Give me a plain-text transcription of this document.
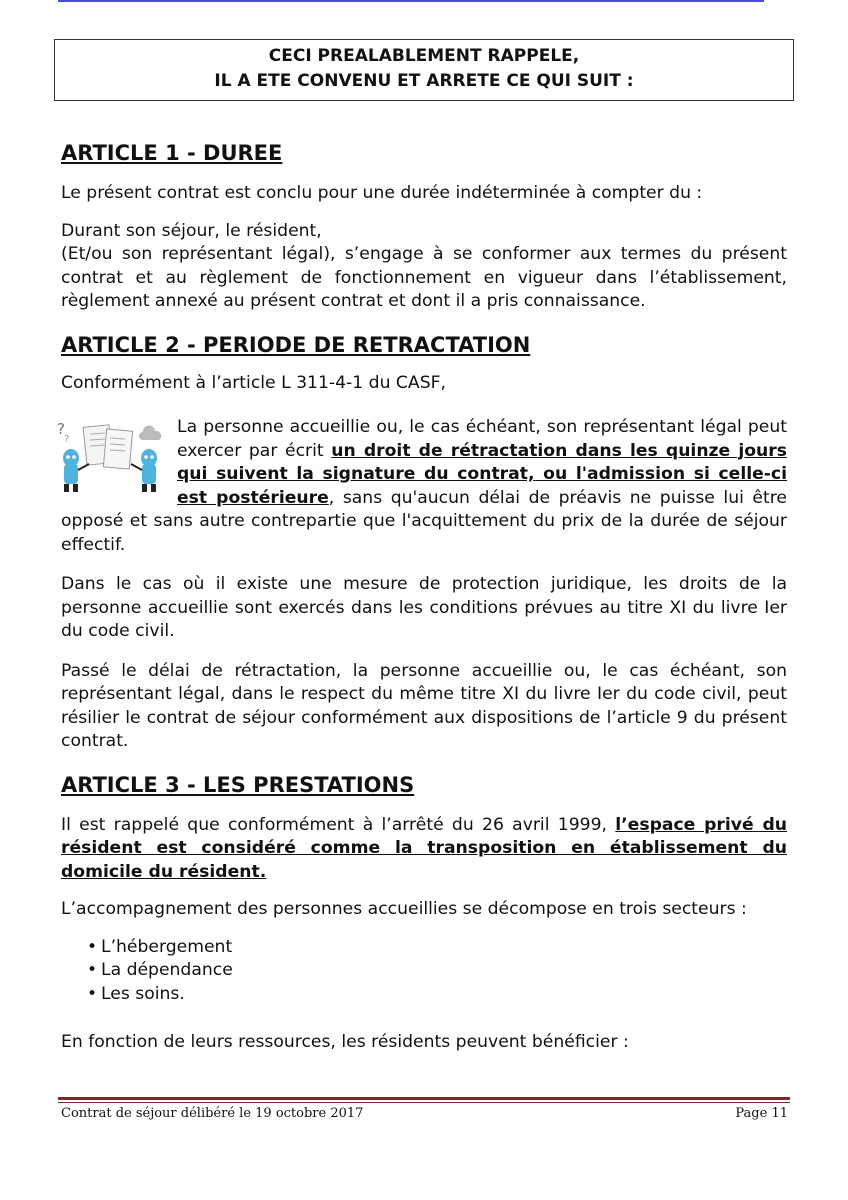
CECI PREALABLEMENT RAPPELE,
IL A ETE CONVENU ET ARRETE CE QUI SUIT :
ARTICLE 1 - DUREE

Le présent contrat est conclu pour une durée indéterminée à compter du :

Durant son séjour, le résident,

(Et/ou son représentant légal), s’engage à se conformer aux termes du présent contrat et au règlement de fonctionnement en vigueur dans l’établissement, règlement annexé au présent contrat et dont il a pris connaissance.

ARTICLE 2 - PERIODE DE RETRACTATION

Conformément à l’article L 311-4-1 du CASF,

?
?

La personne accueillie ou, le cas échéant, son représentant légal peut exercer par écrit un droit de rétractation dans les quinze jours qui suivent la signature du contrat, ou l'admission si celle-ci est postérieure, sans qu'aucun délai de préavis ne puisse lui être opposé et sans autre contrepartie que l'acquittement du prix de la durée de séjour effectif.

Dans le cas où il existe une mesure de protection juridique, les droits de la personne accueillie sont exercés dans les conditions prévues au titre XI du livre Ier du code civil.

Passé le délai de rétractation, la personne accueillie ou, le cas échéant, son représentant légal, dans le respect du même titre XI du livre Ier du code civil, peut résilier le contrat de séjour conformément aux dispositions de l’article 9 du présent contrat.

ARTICLE 3 - LES PRESTATIONS

Il est rappelé que conformément à l’arrêté du 26 avril 1999, l’espace privé du résident est considéré comme la transposition en établissement du domicile du résident.

L’accompagnement des personnes accueillies se décompose en trois secteurs :

• L’hébergement
• La dépendance
• Les soins.

En fonction de leurs ressources, les résidents peuvent bénéficier :

Contrat de séjour délibéré le 19 octobre 2017	Page 11
